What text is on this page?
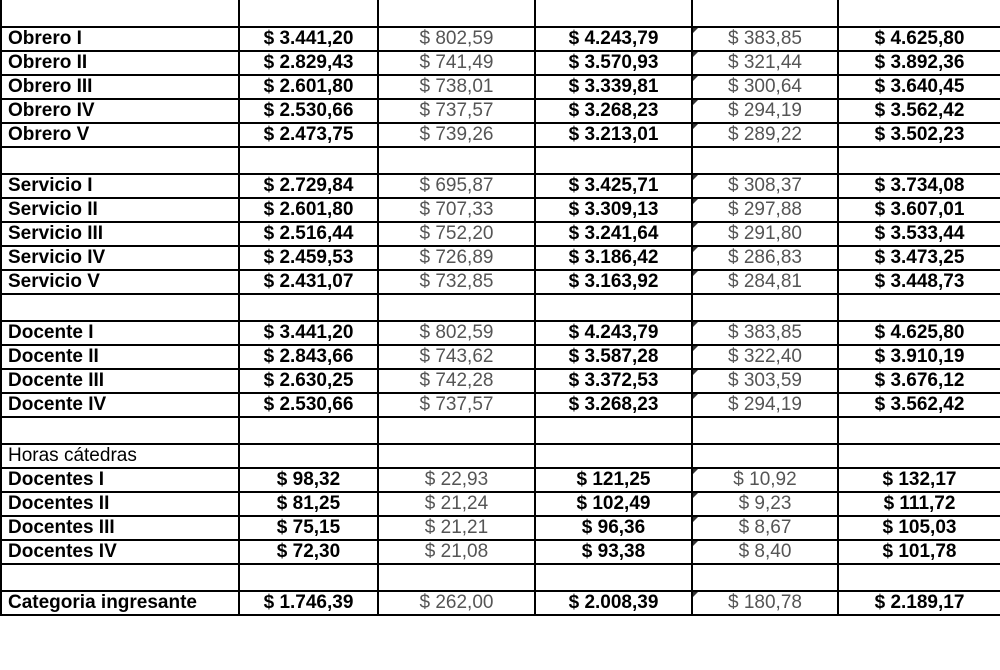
Obrero I	$ 3.441,20	$ 802,59	$ 4.243,79	$ 383,85	$ 4.625,80
Obrero II	$ 2.829,43	$ 741,49	$ 3.570,93	$ 321,44	$ 3.892,36
Obrero III	$ 2.601,80	$ 738,01	$ 3.339,81	$ 300,64	$ 3.640,45
Obrero IV	$ 2.530,66	$ 737,57	$ 3.268,23	$ 294,19	$ 3.562,42
Obrero V	$ 2.473,75	$ 739,26	$ 3.213,01	$ 289,22	$ 3.502,23

Servicio I	$ 2.729,84	$ 695,87	$ 3.425,71	$ 308,37	$ 3.734,08
Servicio II	$ 2.601,80	$ 707,33	$ 3.309,13	$ 297,88	$ 3.607,01
Servicio III	$ 2.516,44	$ 752,20	$ 3.241,64	$ 291,80	$ 3.533,44
Servicio IV	$ 2.459,53	$ 726,89	$ 3.186,42	$ 286,83	$ 3.473,25
Servicio V	$ 2.431,07	$ 732,85	$ 3.163,92	$ 284,81	$ 3.448,73

Docente I	$ 3.441,20	$ 802,59	$ 4.243,79	$ 383,85	$ 4.625,80
Docente II	$ 2.843,66	$ 743,62	$ 3.587,28	$ 322,40	$ 3.910,19
Docente III	$ 2.630,25	$ 742,28	$ 3.372,53	$ 303,59	$ 3.676,12
Docente IV	$ 2.530,66	$ 737,57	$ 3.268,23	$ 294,19	$ 3.562,42

Horas cátedras					
Docentes I	$ 98,32	$ 22,93	$ 121,25	$ 10,92	$ 132,17
Docentes II	$ 81,25	$ 21,24	$ 102,49	$ 9,23	$ 111,72
Docentes III	$ 75,15	$ 21,21	$ 96,36	$ 8,67	$ 105,03
Docentes IV	$ 72,30	$ 21,08	$ 93,38	$ 8,40	$ 101,78

Categoria ingresante	$ 1.746,39	$ 262,00	$ 2.008,39	$ 180,78	$ 2.189,17
